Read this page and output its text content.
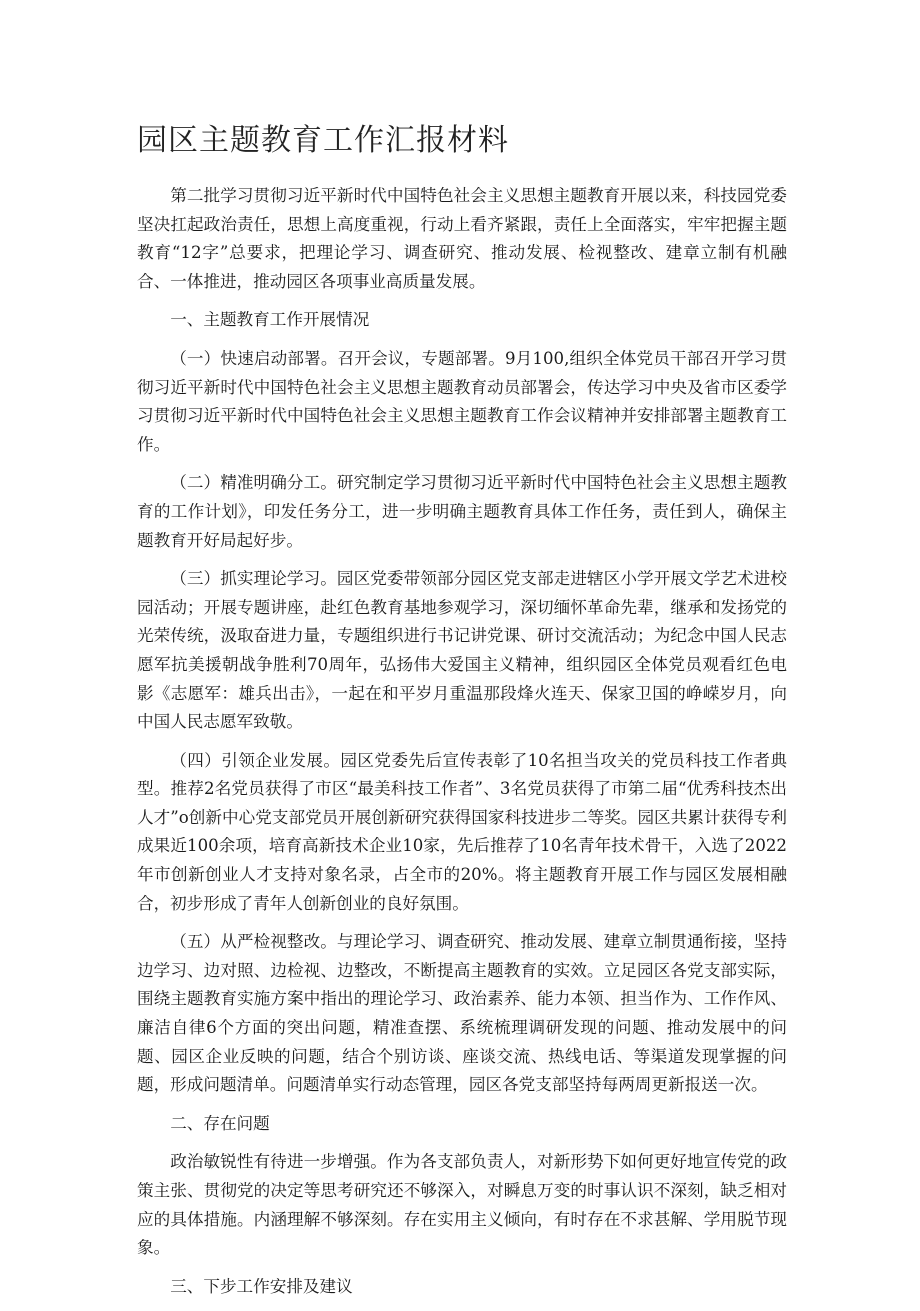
园区主题教育工作汇报材料

第二批学习贯彻习近平新时代中国特色社会主义思想主题教育开展以来，科技园党委坚决扛起政治责任，思想上高度重视，行动上看齐紧跟，责任上全面落实，牢牢把握主题教育“12字”总要求，把理论学习、调查研究、推动发展、检视整改、建章立制有机融合、一体推进，推动园区各项事业高质量发展。

一、主题教育工作开展情况

（一）快速启动部署。召开会议，专题部署。9月100,组织全体党员干部召开学习贯彻习近平新时代中国特色社会主义思想主题教育动员部署会，传达学习中央及省市区委学习贯彻习近平新时代中国特色社会主义思想主题教育工作会议精神并安排部署主题教育工作。

（二）精准明确分工。研究制定学习贯彻习近平新时代中国特色社会主义思想主题教育的工作计划》，印发任务分工，进一步明确主题教育具体工作任务，责任到人，确保主题教育开好局起好步。

（三）抓实理论学习。园区党委带领部分园区党支部走进辖区小学开展文学艺术进校园活动；开展专题讲座，赴红色教育基地参观学习，深切缅怀革命先辈，继承和发扬党的光荣传统，汲取奋进力量，专题组织进行书记讲党课、研讨交流活动；为纪念中国人民志愿军抗美援朝战争胜利70周年，弘扬伟大爱国主义精神，组织园区全体党员观看红色电影《志愿军：雄兵出击》，一起在和平岁月重温那段烽火连天、保家卫国的峥嵘岁月，向中国人民志愿军致敬。

（四）引领企业发展。园区党委先后宣传表彰了10名担当攻关的党员科技工作者典型。推荐2名党员获得了市区“最美科技工作者”、3名党员获得了市第二届“优秀科技杰出人才”o创新中心党支部党员开展创新研究获得国家科技进步二等奖。园区共累计获得专利成果近100余项，培育高新技术企业10家，先后推荐了10名青年技术骨干，入选了2022年市创新创业人才支持对象名录，占全市的20%。将主题教育开展工作与园区发展相融合，初步形成了青年人创新创业的良好氛围。

（五）从严检视整改。与理论学习、调查研究、推动发展、建章立制贯通衔接，坚持边学习、边对照、边检视、边整改，不断提高主题教育的实效。立足园区各党支部实际，围绕主题教育实施方案中指出的理论学习、政治素养、能力本领、担当作为、工作作风、廉洁自律6个方面的突出问题，精准查摆、系统梳理调研发现的问题、推动发展中的问题、园区企业反映的问题，结合个别访谈、座谈交流、热线电话、等渠道发现掌握的问题，形成问题清单。问题清单实行动态管理，园区各党支部坚持每两周更新报送一次。

二、存在问题

政治敏锐性有待进一步增强。作为各支部负责人，对新形势下如何更好地宣传党的政策主张、贯彻党的决定等思考研究还不够深入，对瞬息万变的时事认识不深刻，缺乏相对应的具体措施。内涵理解不够深刻。存在实用主义倾向，有时存在不求甚解、学用脱节现象。

三、下步工作安排及建议
